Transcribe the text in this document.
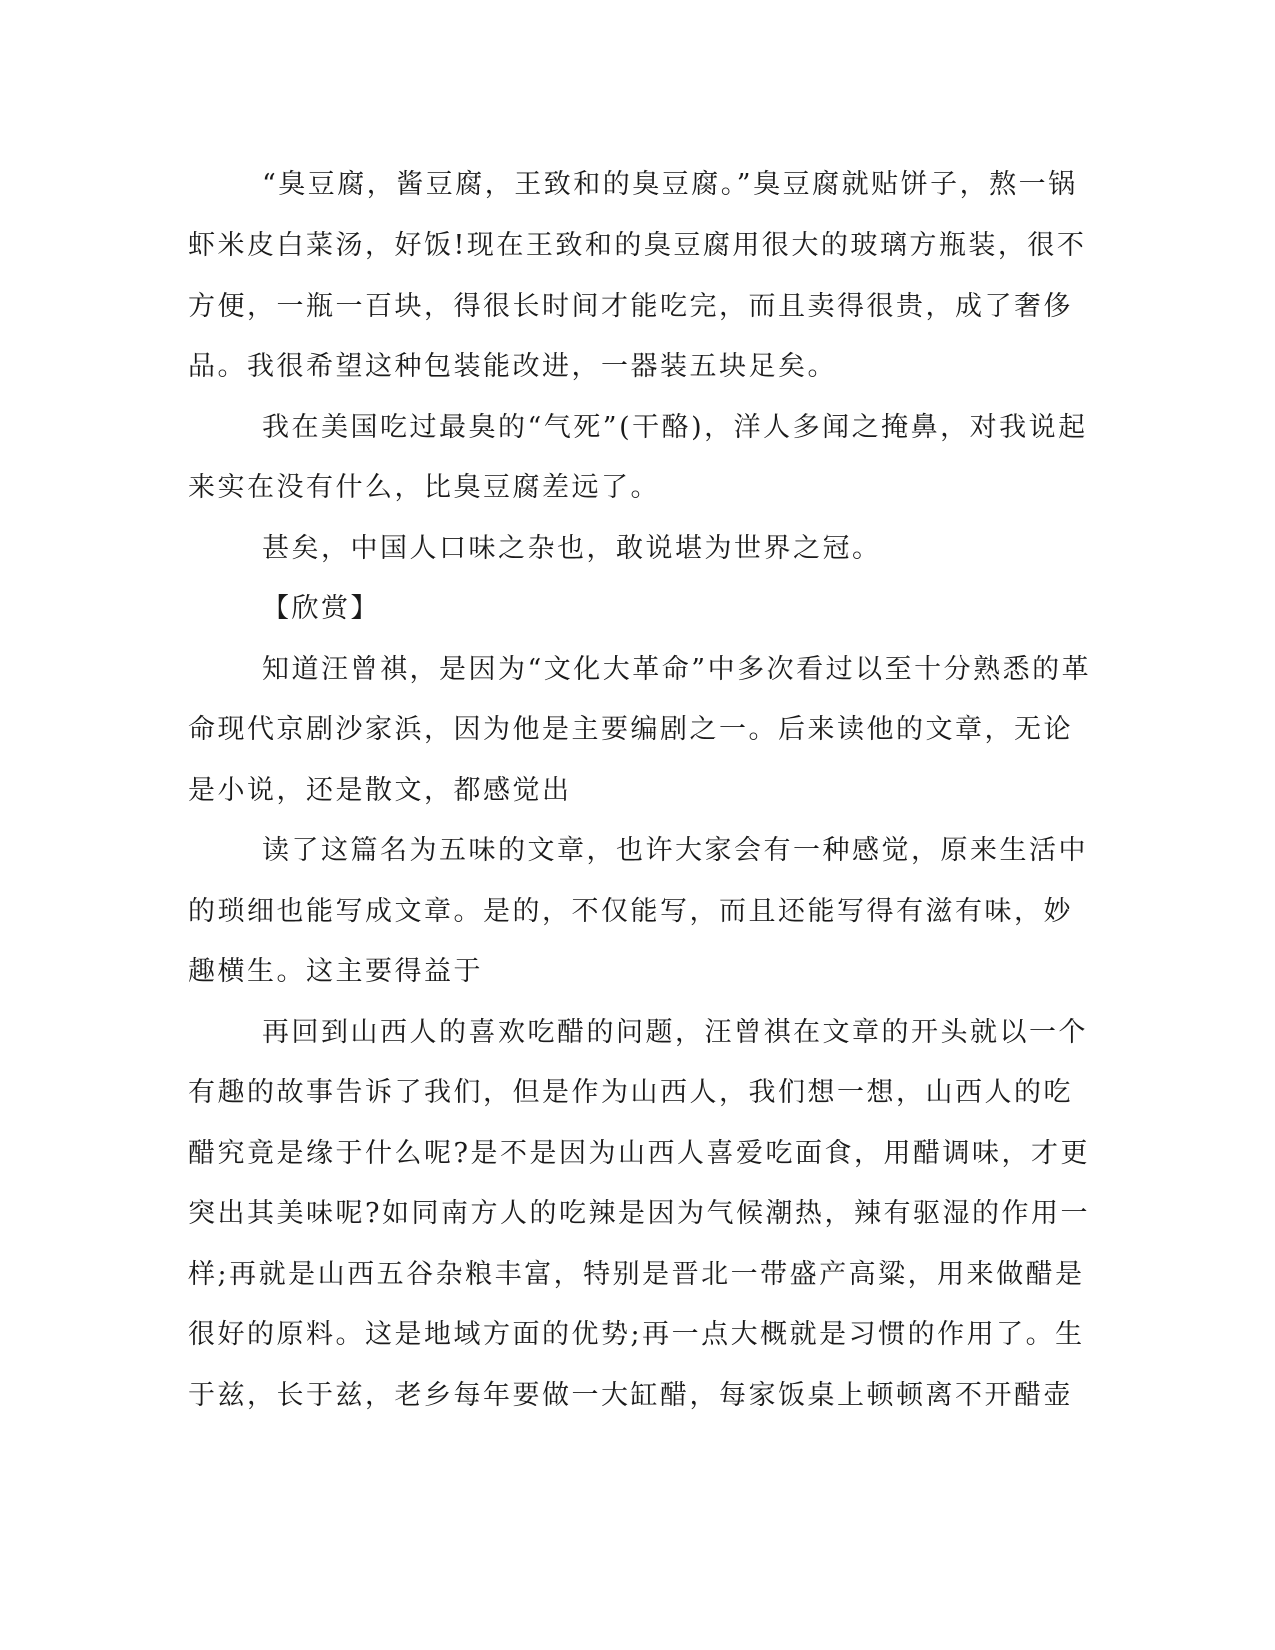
“臭豆腐，酱豆腐，王致和的臭豆腐。”臭豆腐就贴饼子，熬一锅

虾米皮白菜汤，好饭!现在王致和的臭豆腐用很大的玻璃方瓶装，很不

方便，一瓶一百块，得很长时间才能吃完，而且卖得很贵，成了奢侈

品。我很希望这种包装能改进，一器装五块足矣。

我在美国吃过最臭的“气死”(干酪)，洋人多闻之掩鼻，对我说起

来实在没有什么，比臭豆腐差远了。

甚矣，中国人口味之杂也，敢说堪为世界之冠。

【欣赏】

知道汪曾祺，是因为“文化大革命”中多次看过以至十分熟悉的革

命现代京剧沙家浜，因为他是主要编剧之一。后来读他的文章，无论

是小说，还是散文，都感觉出

读了这篇名为五味的文章，也许大家会有一种感觉，原来生活中

的琐细也能写成文章。是的，不仅能写，而且还能写得有滋有味，妙

趣横生。这主要得益于

再回到山西人的喜欢吃醋的问题，汪曾祺在文章的开头就以一个

有趣的故事告诉了我们，但是作为山西人，我们想一想，山西人的吃

醋究竟是缘于什么呢?是不是因为山西人喜爱吃面食，用醋调味，才更

突出其美味呢?如同南方人的吃辣是因为气候潮热，辣有驱湿的作用一

样;再就是山西五谷杂粮丰富，特别是晋北一带盛产高粱，用来做醋是

很好的原料。这是地域方面的优势;再一点大概就是习惯的作用了。生

于兹，长于兹，老乡每年要做一大缸醋，每家饭桌上顿顿离不开醋壶
